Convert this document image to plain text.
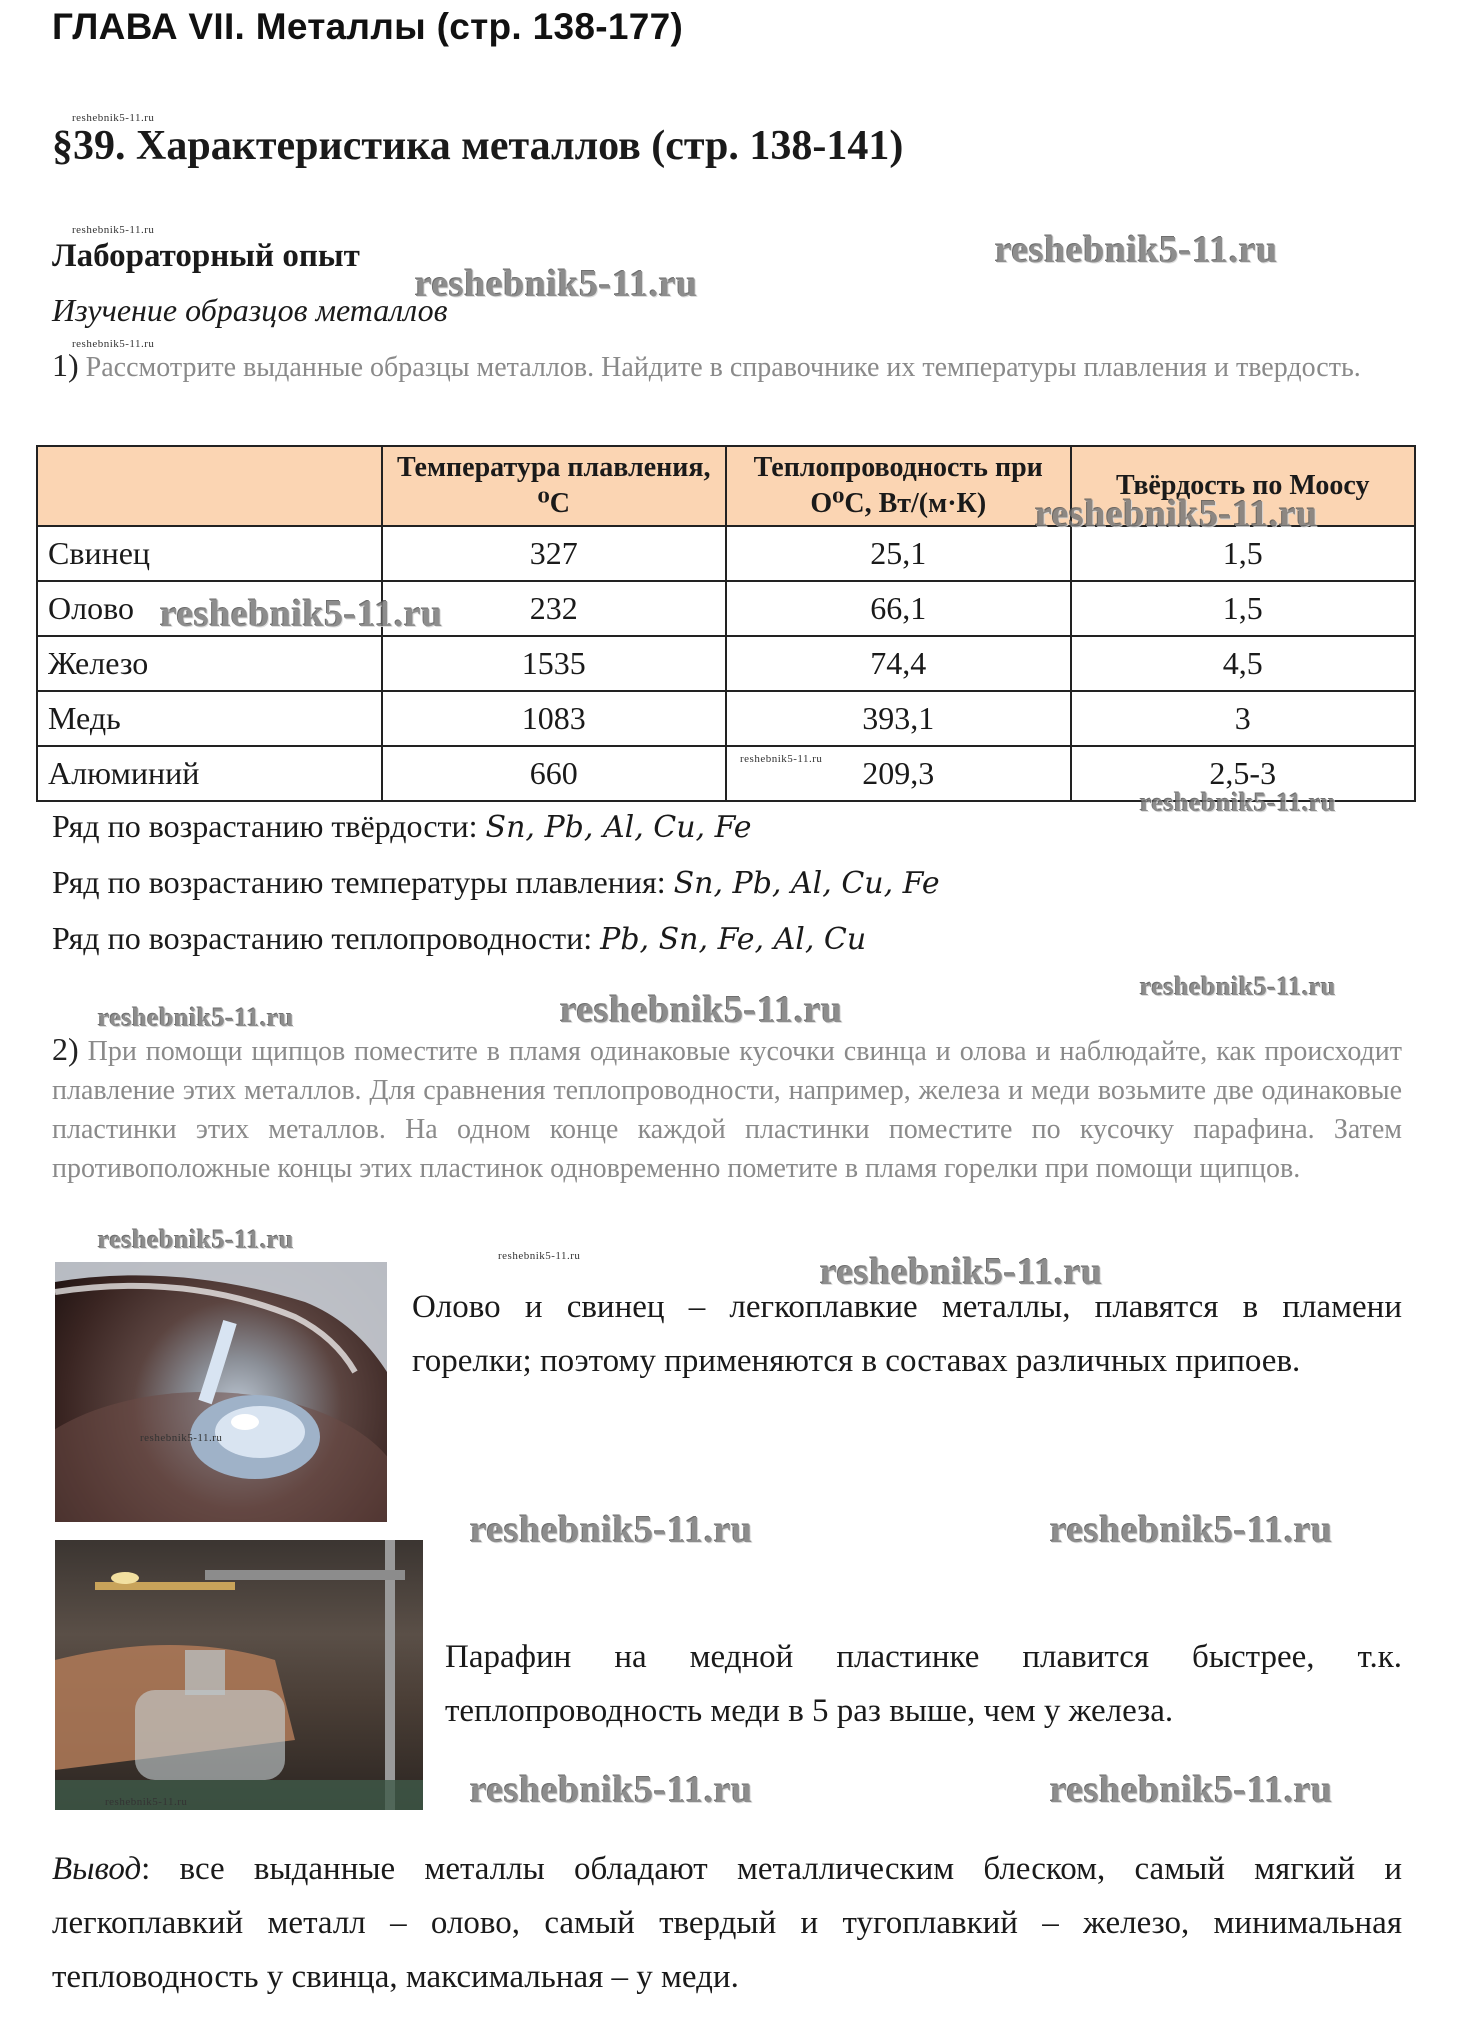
ГЛАВА VII. Металлы (стр. 138-177)
§39. Характеристика металлов (стр. 138-141)
reshebnik5-11.ru
reshebnik5-11.ru
reshebnik5-11.ru
Лабораторный опыт
Изучение образцов металлов
reshebnik5-11.ru
reshebnik5-11.ru
1) Рассмотрите выданные образцы металлов. Найдите в справочнике их температуры плавления и твердость.
	Температура плавления, ⁰C	Теплопроводность при O⁰C, Вт/(м·К)	Твёрдость по Моосу
Свинец	327	25,1	1,5
Олово	232	66,1	1,5
Железо	1535	74,4	4,5
Медь	1083	393,1	3
Алюминий	660	209,3	2,5-3
reshebnik5-11.ru
reshebnik5-11.ru
reshebnik5-11.ru
reshebnik5-11.ru
Ряд по возрастанию твёрдости: Sn, Pb, Al, Cu, Fe
Ряд по возрастанию температуры плавления: Sn, Pb, Al, Cu, Fe
Ряд по возрастанию теплопроводности: Pb, Sn, Fe, Al, Cu
reshebnik5-11.ru
reshebnik5-11.ru	reshebnik5-11.ru
2) При помощи щипцов поместите в пламя одинаковые кусочки свинца и олова и наблюдайте, как происходит плавление этих металлов. Для сравнения теплопроводности, например, железа и меди возьмите две одинаковые пластинки этих металлов. На одном конце каждой пластинки поместите по кусочку парафина. Затем противоположные концы этих пластинок одновременно пометите в пламя горелки при помощи щипцов.
reshebnik5-11.ru
reshebnik5-11.ru	reshebnik5-11.ru
reshebnik5-11.ru
Олово и свинец – легкоплавкие металлы, плавятся в пламени горелки; поэтому применяются в составах различных припоев.
reshebnik5-11.ru	reshebnik5-11.ru
reshebnik5-11.ru
Парафин на медной пластинке плавится быстрее, т.к. теплопроводность меди в 5 раз выше, чем у железа.
reshebnik5-11.ru	reshebnik5-11.ru
Вывод: все выданные металлы обладают металлическим блеском, самый мягкий и легкоплавкий металл – олово, самый твердый и тугоплавкий – железо, минимальная тепловодность у свинца, максимальная – у меди.
